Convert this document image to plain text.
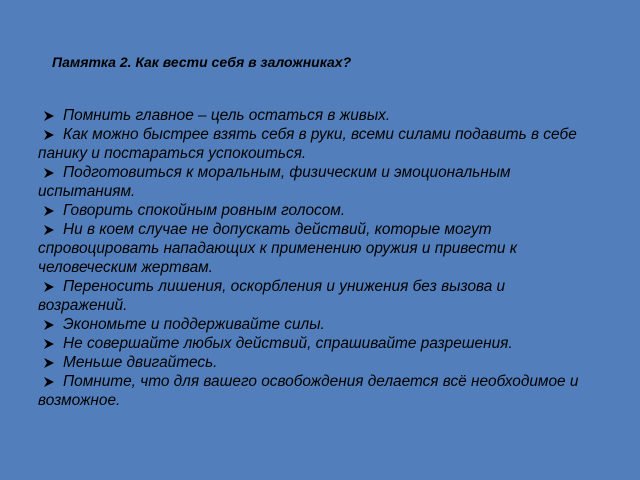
Памятка 2. Как вести себя в заложниках?
Помнить главное – цель остаться в живых.
Как можно быстрее взять себя в руки, всеми силами подавить в себе панику и постараться успокоиться.
Подготовиться к моральным, физическим и эмоциональным испытаниям.
Говорить спокойным ровным голосом.
Ни в коем случае не допускать действий, которые могут спровоцировать нападающих к применению оружия и привести к человеческим жертвам.
Переносить лишения, оскорбления и унижения без вызова и возражений.
Экономьте и поддерживайте силы.
Не совершайте любых действий, спрашивайте разрешения.
Меньше двигайтесь.
Помните, что для вашего освобождения делается всё необходимое и возможное.
